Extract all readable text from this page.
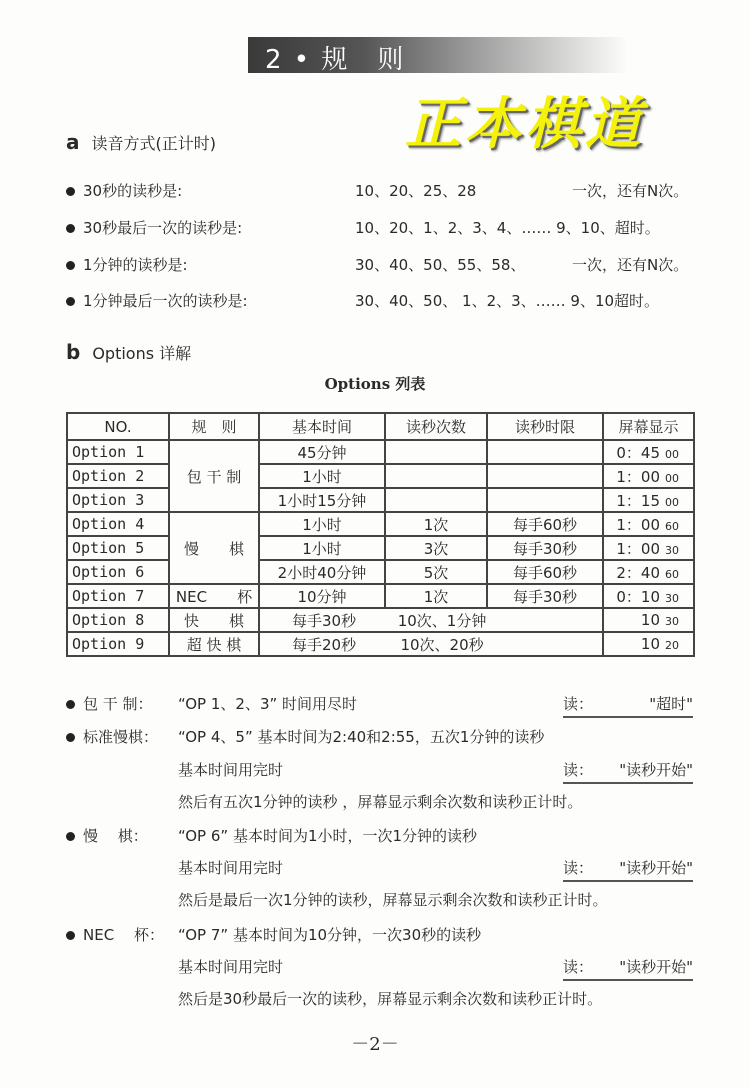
2 • 规　则
正本棋道
a 读音方式(正计时)
30秒的读秒是:	10、20、25、28	一次，还有N次。
30秒最后一次的读秒是:	10、20、1、2、3、4、…… 9、10、超时。
1分钟的读秒是:	30、40、50、55、58、	一次，还有N次。
1分钟最后一次的读秒是:	30、40、50、 1、2、3、…… 9、10超时。
b Options 详解
Options 列表
NO.	规　则	基本时间	读秒次数	读秒时限	屏幕显示
Option 1	包 干 制	45分钟			0：45 00
Option 2		1小时			1：00 00
Option 3		1小时15分钟			1：15 00
Option 4	慢　　棋	1小时	1次	每手60秒	1：00 60
Option 5		1小时	3次	每手30秒	1：00 30
Option 6		2小时40分钟	5次	每手60秒	2：40 60
Option 7	NEC　　杯	10分钟	1次	每手30秒	0：10 30
Option 8	快　　棋	每手30秒 10次、1分钟			10 30
Option 9	超 快 棋	每手20秒 10次、20秒			10 20
包 干 制： “OP 1、2、3” 时间用尽时	读：	"超时"
标准慢棋： “OP 4、5” 基本时间为2:40和2:55，五次1分钟的读秒
基本时间用完时	读： "读秒开始"
然后有五次1分钟的读秒 ，屏幕显示剩余次数和读秒正计时。
慢　 棋： “OP 6” 基本时间为1小时，一次1分钟的读秒
基本时间用完时	读： "读秒开始"
然后是最后一次1分钟的读秒，屏幕显示剩余次数和读秒正计时。
NEC　 杯： “OP 7” 基本时间为10分钟，一次30秒的读秒
基本时间用完时	读： "读秒开始"
然后是30秒最后一次的读秒，屏幕显示剩余次数和读秒正计时。
－2－
